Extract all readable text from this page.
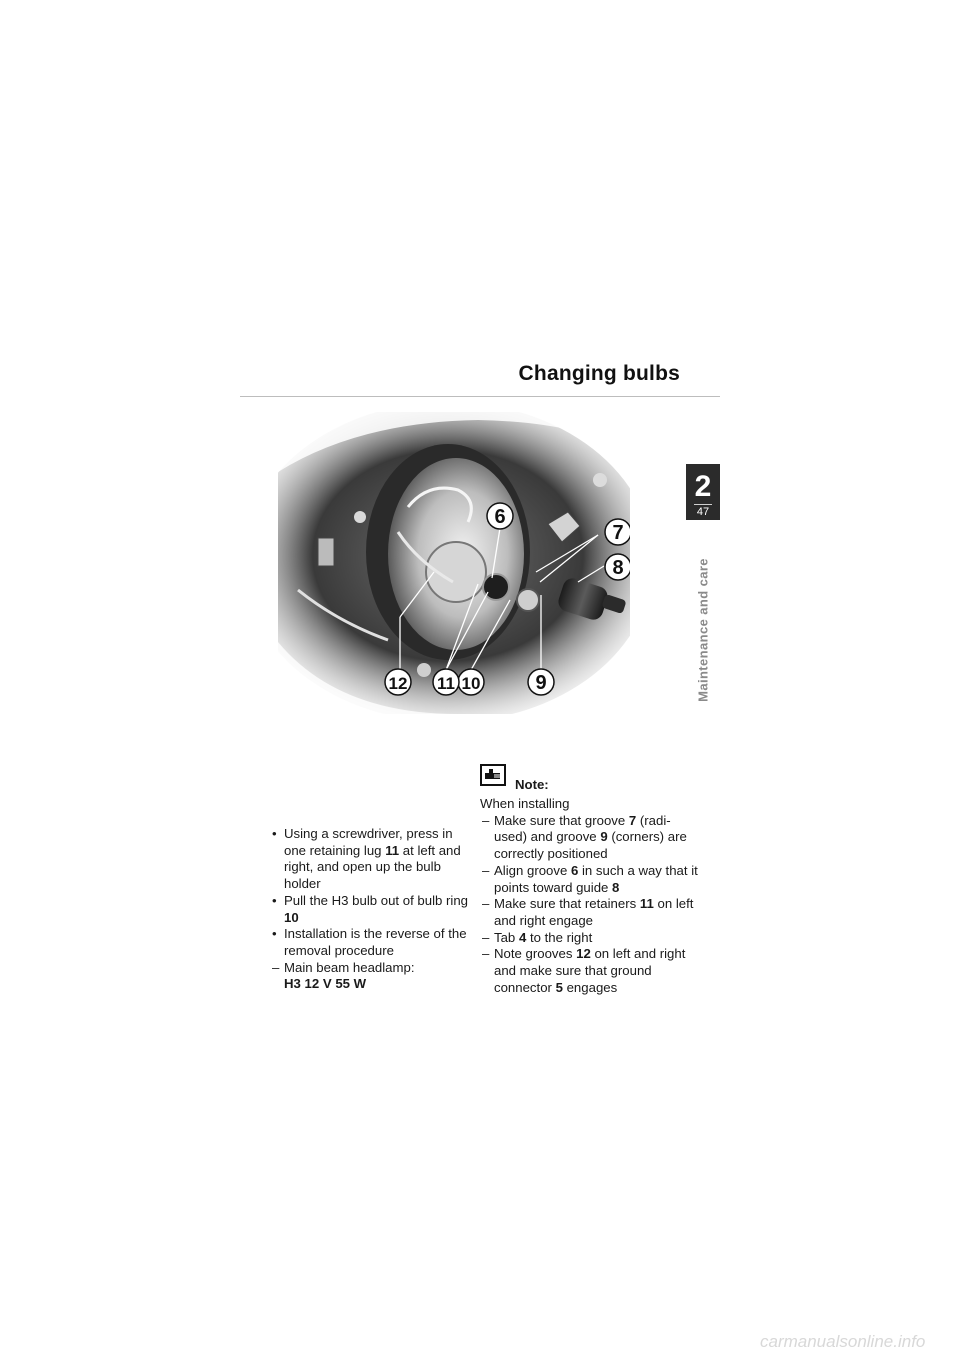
Changing bulbs
6
7
8
9
10
11
12
2
47
Maintenance and care
• Using a screwdriver, press in one retaining lug 11 at left and right, and open up the bulb holder
• Pull the H3 bulb out of bulb ring 10
• Installation is the reverse of the removal procedure
– Main beam headlamp:
H3 12 V 55 W
Note:
When installing
– Make sure that groove 7 (radi-used) and groove 9 (corners) are correctly positioned
– Align groove 6 in such a way that it points toward guide 8
– Make sure that retainers 11 on left and right engage
– Tab 4 to the right
– Note grooves 12 on left and right and make sure that ground connector 5 engages
carmanualsonline.info
